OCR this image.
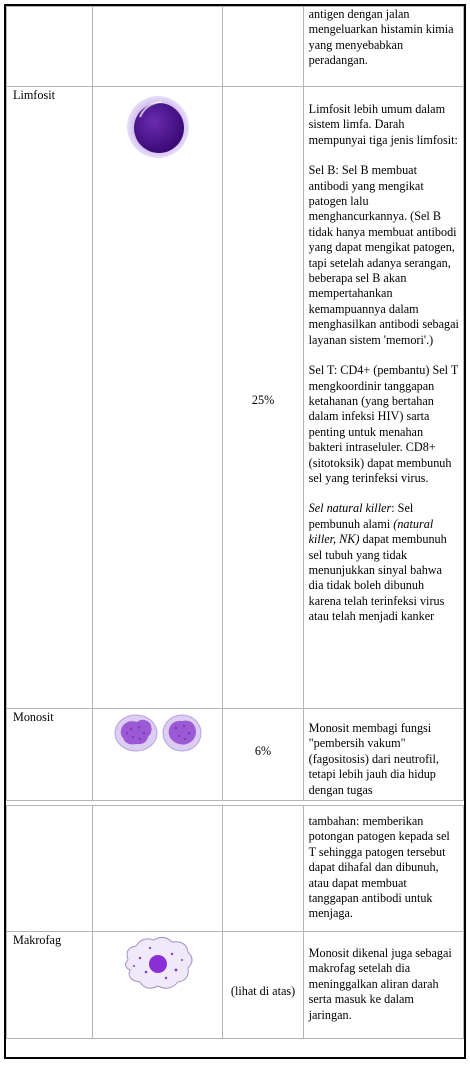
			antigen dengan jalan mengeluarkan histamin kimia yang menyebabkan peradangan.

Limfosit		25%	Limfosit lebih umum dalam sistem limfa. Darah mempunyai tiga jenis limfosit:

Sel B: Sel B membuat antibodi yang mengikat patogen lalu menghancurkannya. (Sel B tidak hanya membuat antibodi yang dapat mengikat patogen, tapi setelah adanya serangan, beberapa sel B akan mempertahankan kemampuannya dalam menghasilkan antibodi sebagai layanan sistem 'memori'.)

Sel T: CD4+ (pembantu) Sel T mengkoordinir tanggapan ketahanan (yang bertahan dalam infeksi HIV) sarta penting untuk menahan bakteri intraseluler. CD8+ (sitotoksik) dapat membunuh sel yang terinfeksi virus.

Sel natural killer: Sel pembunuh alami (natural killer, NK) dapat membunuh sel tubuh yang tidak menunjukkan sinyal bahwa dia tidak boleh dibunuh karena telah terinfeksi virus atau telah menjadi kanker

Monosit		6%	Monosit membagi fungsi "pembersih vakum" (fagositosis) dari neutrofil, tetapi lebih jauh dia hidup dengan tugas

			tambahan: memberikan potongan patogen kepada sel T sehingga patogen tersebut dapat dihafal dan dibunuh, atau dapat membuat tanggapan antibodi untuk menjaga.

Makrofag		(lihat di atas)	Monosit dikenal juga sebagai makrofag setelah dia meninggalkan aliran darah serta masuk ke dalam jaringan.
